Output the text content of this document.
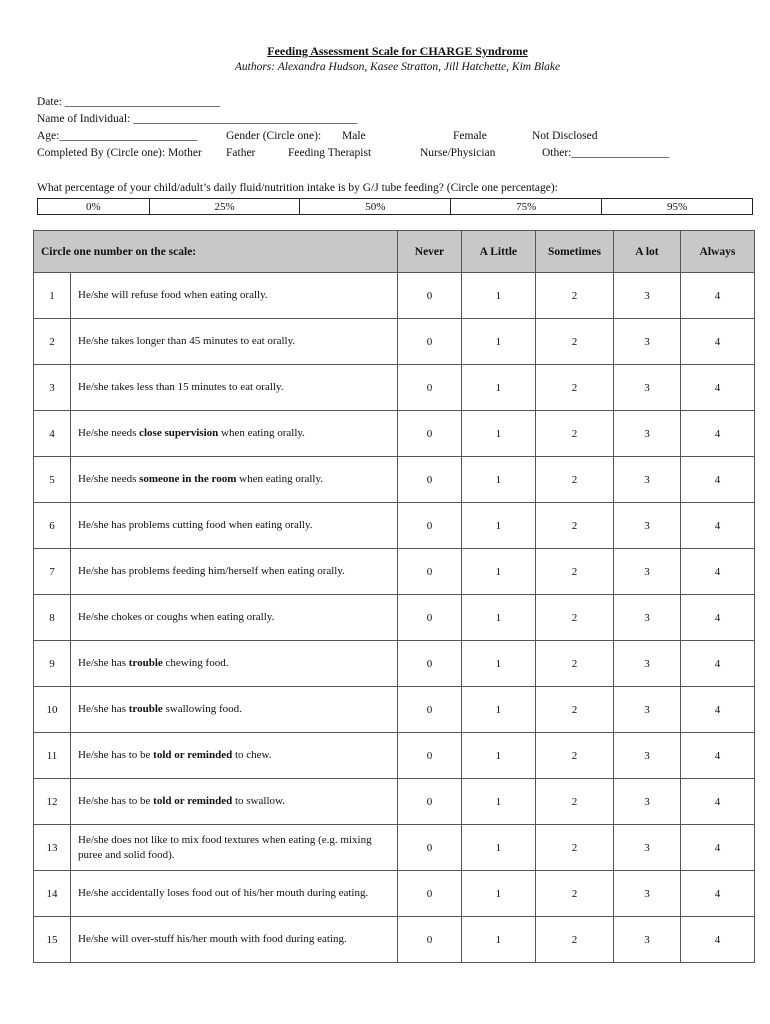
Feeding Assessment Scale for CHARGE Syndrome
Authors: Alexandra Hudson, Kasee Stratton, Jill Hatchette, Kim Blake
Date: ___________________________
Name of Individual: _______________________________________
Age:________________________ Gender (Circle one): Male	Female	Not Disclosed
Completed By (Circle one): Mother Father	Feeding Therapist	Nurse/Physician	Other:_________________
What percentage of your child/adult’s daily fluid/nutrition intake is by G/J tube feeding? (Circle one percentage):
0%	25%	50%	75%	95%
Circle one number on the scale:		Never	A Little	Sometimes	A lot	Always
1	He/she will refuse food when eating orally.	0	1	2	3	4
2	He/she takes longer than 45 minutes to eat orally.	0	1	2	3	4
3	He/she takes less than 15 minutes to eat orally.	0	1	2	3	4
4	He/she needs close supervision when eating orally.	0	1	2	3	4
5	He/she needs someone in the room when eating orally.	0	1	2	3	4
6	He/she has problems cutting food when eating orally.	0	1	2	3	4
7	He/she has problems feeding him/herself when eating orally.	0	1	2	3	4
8	He/she chokes or coughs when eating orally.	0	1	2	3	4
9	He/she has trouble chewing food.	0	1	2	3	4
10	He/she has trouble swallowing food.	0	1	2	3	4
11	He/she has to be told or reminded to chew.	0	1	2	3	4
12	He/she has to be told or reminded to swallow.	0	1	2	3	4
13	He/she does not like to mix food textures when eating (e.g. mixing puree and solid food).	0	1	2	3	4
14	He/she accidentally loses food out of his/her mouth during eating.	0	1	2	3	4
15	He/she will over-stuff his/her mouth with food during eating.	0	1	2	3	4
